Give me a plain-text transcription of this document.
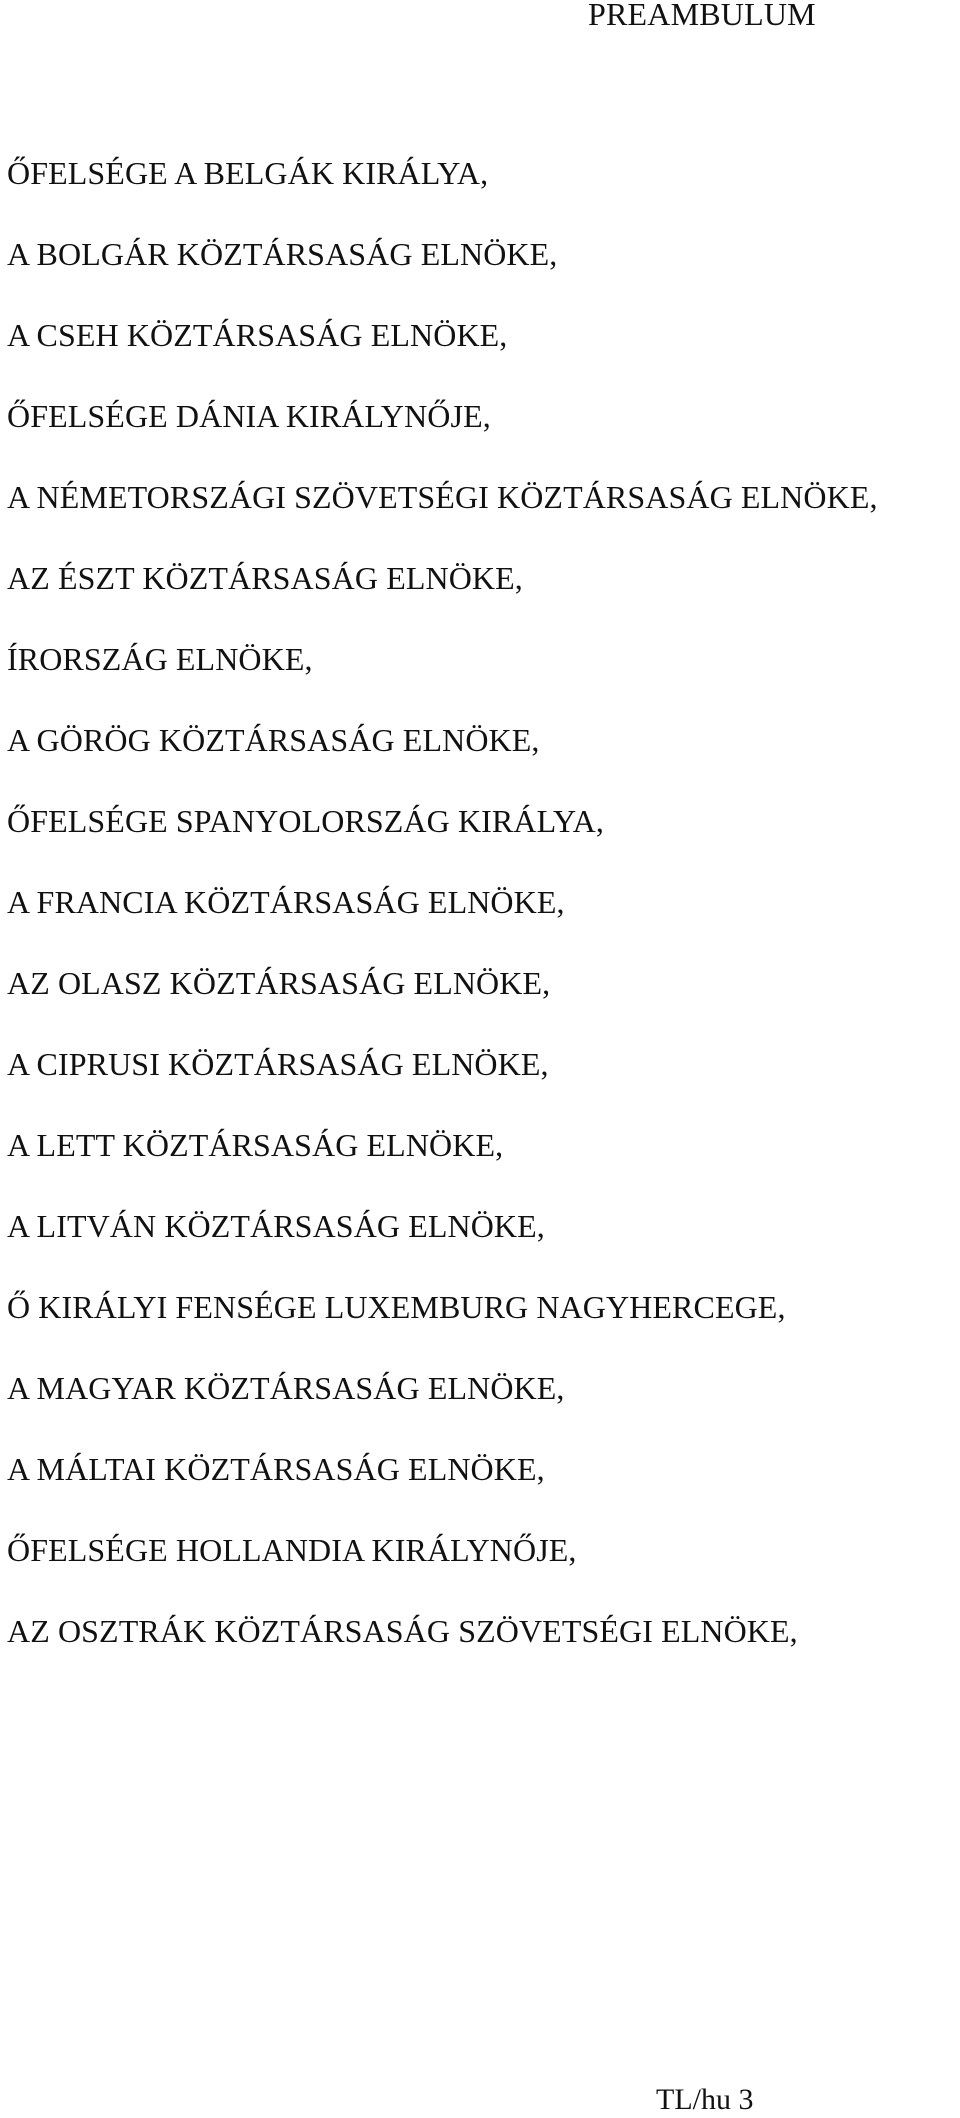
PREAMBULUM
ŐFELSÉGE A BELGÁK KIRÁLYA,
A BOLGÁR KÖZTÁRSASÁG ELNÖKE,
A CSEH KÖZTÁRSASÁG ELNÖKE,
ŐFELSÉGE DÁNIA KIRÁLYNŐJE,
A NÉMETORSZÁGI SZÖVETSÉGI KÖZTÁRSASÁG ELNÖKE,
AZ ÉSZT KÖZTÁRSASÁG ELNÖKE,
ÍRORSZÁG ELNÖKE,
A GÖRÖG KÖZTÁRSASÁG ELNÖKE,
ŐFELSÉGE SPANYOLORSZÁG KIRÁLYA,
A FRANCIA KÖZTÁRSASÁG ELNÖKE,
AZ OLASZ KÖZTÁRSASÁG ELNÖKE,
A CIPRUSI KÖZTÁRSASÁG ELNÖKE,
A LETT KÖZTÁRSASÁG ELNÖKE,
A LITVÁN KÖZTÁRSASÁG ELNÖKE,
Ő KIRÁLYI FENSÉGE LUXEMBURG NAGYHERCEGE,
A MAGYAR KÖZTÁRSASÁG ELNÖKE,
A MÁLTAI KÖZTÁRSASÁG ELNÖKE,
ŐFELSÉGE HOLLANDIA KIRÁLYNŐJE,
AZ OSZTRÁK KÖZTÁRSASÁG SZÖVETSÉGI ELNÖKE,
TL/hu 3
